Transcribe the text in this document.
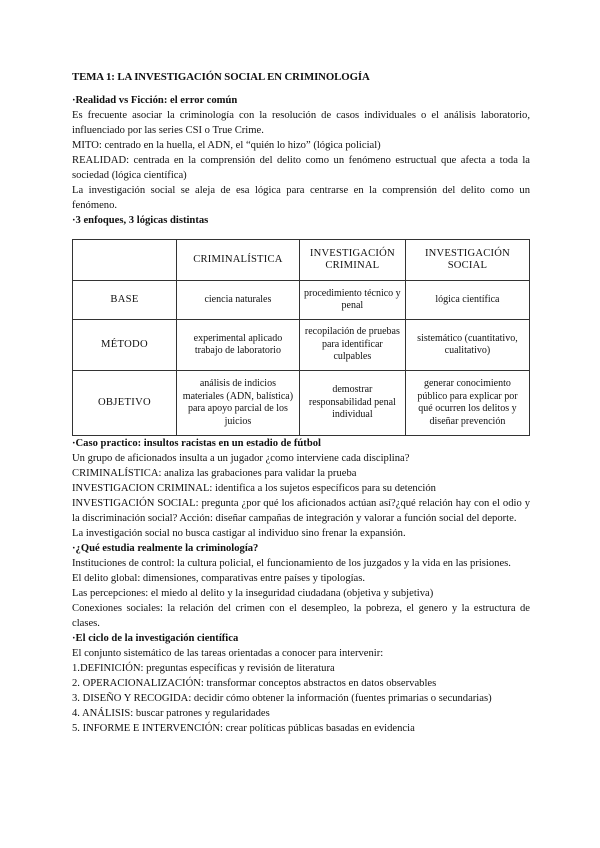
TEMA 1: LA INVESTIGACIÓN SOCIAL EN CRIMINOLOGÍA

·Realidad vs Ficción: el error común

Es frecuente asociar la criminología con la resolución de casos individuales o el análisis laboratorio, influenciado por las series CSI o True Crime.

MITO: centrado en la huella, el ADN, el “quién lo hizo” (lógica policial)

REALIDAD: centrada en la comprensión del delito como un fenómeno estructual que afecta a toda la sociedad (lógica científica)

La investigación social se aleja de esa lógica para centrarse en la comprensión del delito como un fenómeno.

·3 enfoques, 3 lógicas distintas

	CRIMINALÍSTICA	INVESTIGACIÓN CRIMINAL	INVESTIGACIÓN SOCIAL
BASE	ciencia naturales	procedimiento técnico y penal	lógica científica
MÉTODO	experimental aplicado trabajo de laboratorio	recopilación de pruebas para identificar culpables	sistemático (cuantitativo, cualitativo)
OBJETIVO	análisis de indicios materiales (ADN, balística) para apoyo parcial de los juicios	demostrar responsabilidad penal individual	generar conocimiento público para explicar por qué ocurren los delitos y diseñar prevención

·Caso practico: insultos racistas en un estadio de fútbol

Un grupo de aficionados insulta a un jugador ¿como interviene cada disciplina?

CRIMINALÍSTICA: analiza las grabaciones para validar la prueba

INVESTIGACION CRIMINAL: identifica a los sujetos específicos para su detención

INVESTIGACIÓN SOCIAL: pregunta ¿por qué los aficionados actúan así?¿qué relación hay con el odio y la discriminación social? Acción: diseñar campañas de integración y valorar a función social del deporte.

La investigación social no busca castigar al individuo sino frenar la expansión.

·¿Qué estudia realmente la criminología?

Instituciones de control: la cultura policial, el funcionamiento de los juzgados y la vida en las prisiones.

El delito global: dimensiones, comparativas entre países y tipologías.

Las percepciones: el miedo al delito y la inseguridad ciudadana (objetiva y subjetiva)

Conexiones sociales: la relación del crimen con el desempleo, la pobreza, el genero y la estructura de clases.

·El ciclo de la investigación científica

El conjunto sistemático de las tareas orientadas a conocer para intervenir:

1.DEFINICIÓN: preguntas específicas y revisión de literatura

2. OPERACIONALIZACIÓN: transformar conceptos abstractos en datos observables

3. DISEÑO Y RECOGIDA: decidir cómo obtener la información (fuentes primarias o secundarias)

4. ANÁLISIS: buscar patrones y regularidades

5. INFORME E INTERVENCIÓN: crear políticas públicas basadas en evidencia
